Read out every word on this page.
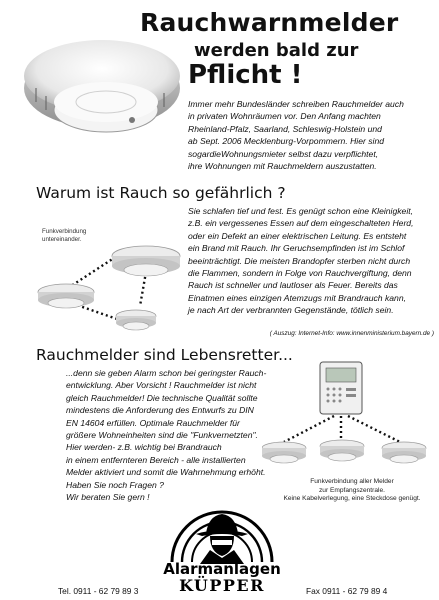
Rauchwarnmelder
werden bald zur
Pflicht !
Immer mehr Bundesländer schreiben Rauchmelder auch
in privaten Wohnräumen vor. Den Anfang machten
Rheinland-Pfalz, Saarland, Schleswig-Holstein und
ab Sept. 2006 Mecklenburg-Vorpommern. Hier sind
sogardieWohnungsmieter selbst dazu verpflichtet,
ihre Wohnungen mit Rauchmeldern auszustatten.
Warum ist Rauch so gefährlich ?
Funkverbindung
untereinander.
Sie schlafen tief und fest. Es genügt schon eine Kleinigkeit,
z.B. ein vergessenes Essen auf dem eingeschalteten Herd,
oder ein Defekt an einer elektrischen Leitung. Es entsteht
ein Brand mit Rauch. Ihr Geruchsempfinden ist im Schlof
beeinträchtigt. Die meisten Brandopfer sterben nicht durch
die Flammen, sondern in Folge von Rauchvergiftung, denn
Rauch ist schneller und lautloser als Feuer. Bereits das
Einatmen eines einzigen Atemzugs mit Brandrauch kann,
je nach Art der verbrannten Gegenstände, tötlich sein.
( Auszug: Internet-Info: www.innenministerium.bayern.de )
Rauchmelder sind Lebensretter...
...denn sie geben Alarm schon bei geringster Rauch-
entwicklung. Aber Vorsicht ! Rauchmelder ist nicht
gleich Rauchmelder! Die technische Qualität sollte
mindestens die Anforderung des Entwurfs zu DIN
EN 14604 erfüllen. Optimale Rauchmelder für
größere Wohneinheiten sind die "Funkvernetzten".
Hier werden- z.B. wichtig bei Brandrauch
in einem entfernteren Bereich - alle installierten
Melder aktiviert und somit die Wahrnehmung erhöht.
Haben Sie noch Fragen ?
Wir beraten Sie gern !
Funkverbindung aller Melder
zur Empfangszentrale.
Keine Kabelverlegung, eine Steckdose genügt.
Alarmanlagen
KÜPPER
Tel. 0911 - 62 79 89 3	Fax 0911 - 62 79 89 4
